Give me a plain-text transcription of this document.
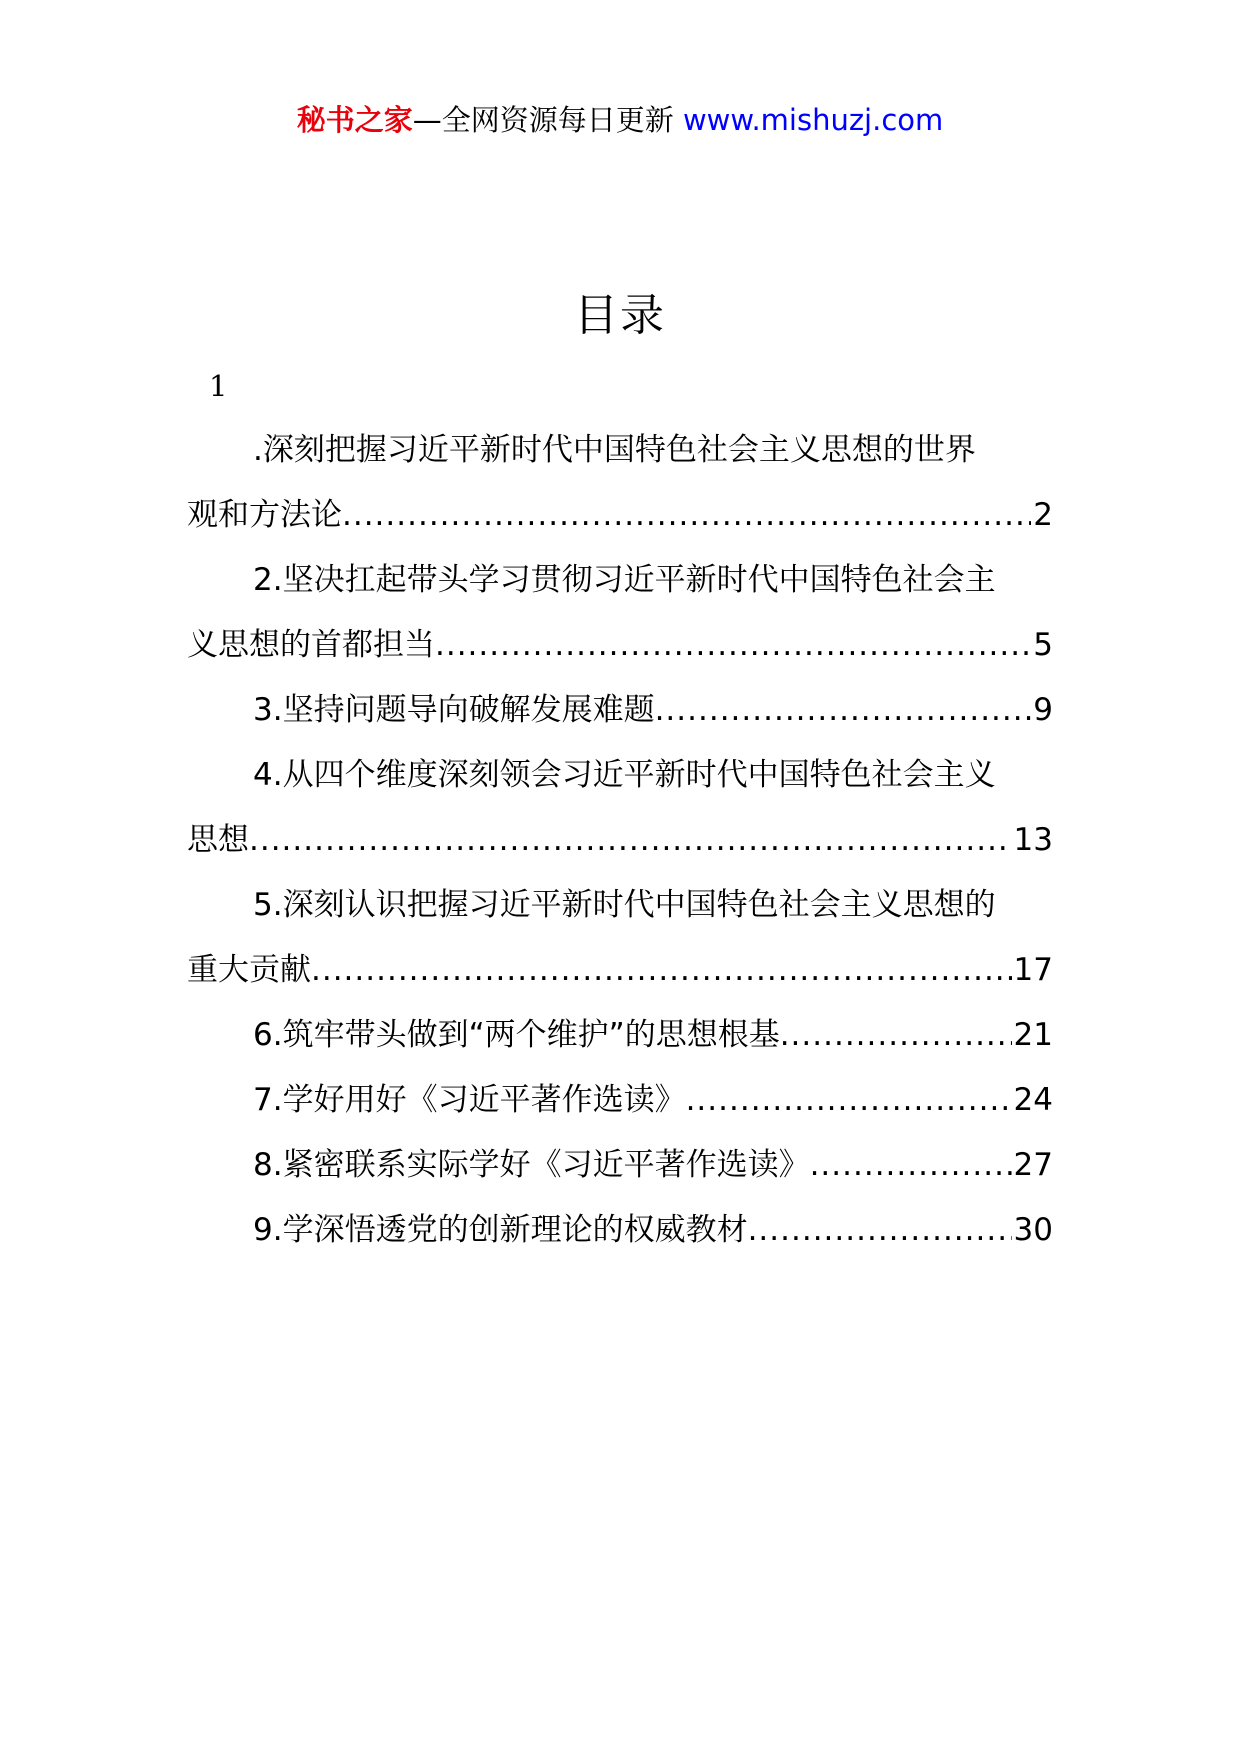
秘书之家—全网资源每日更新 www.mishuzj.com
目录
1
.深刻把握习近平新时代中国特色社会主义思想的世界
观和方法论 .....	2
2.坚决扛起带头学习贯彻习近平新时代中国特色社会主
义思想的首都担当 .....	5
3.坚持问题导向破解发展难题 .....	9
4.从四个维度深刻领会习近平新时代中国特色社会主义
思想 .....	13
5.深刻认识把握习近平新时代中国特色社会主义思想的
重大贡献 .....	17
6.筑牢带头做到“两个维护”的思想根基 .....	21
7.学好用好《习近平著作选读》 .....	24
8.紧密联系实际学好《习近平著作选读》 .....	27
9.学深悟透党的创新理论的权威教材 .....	30
